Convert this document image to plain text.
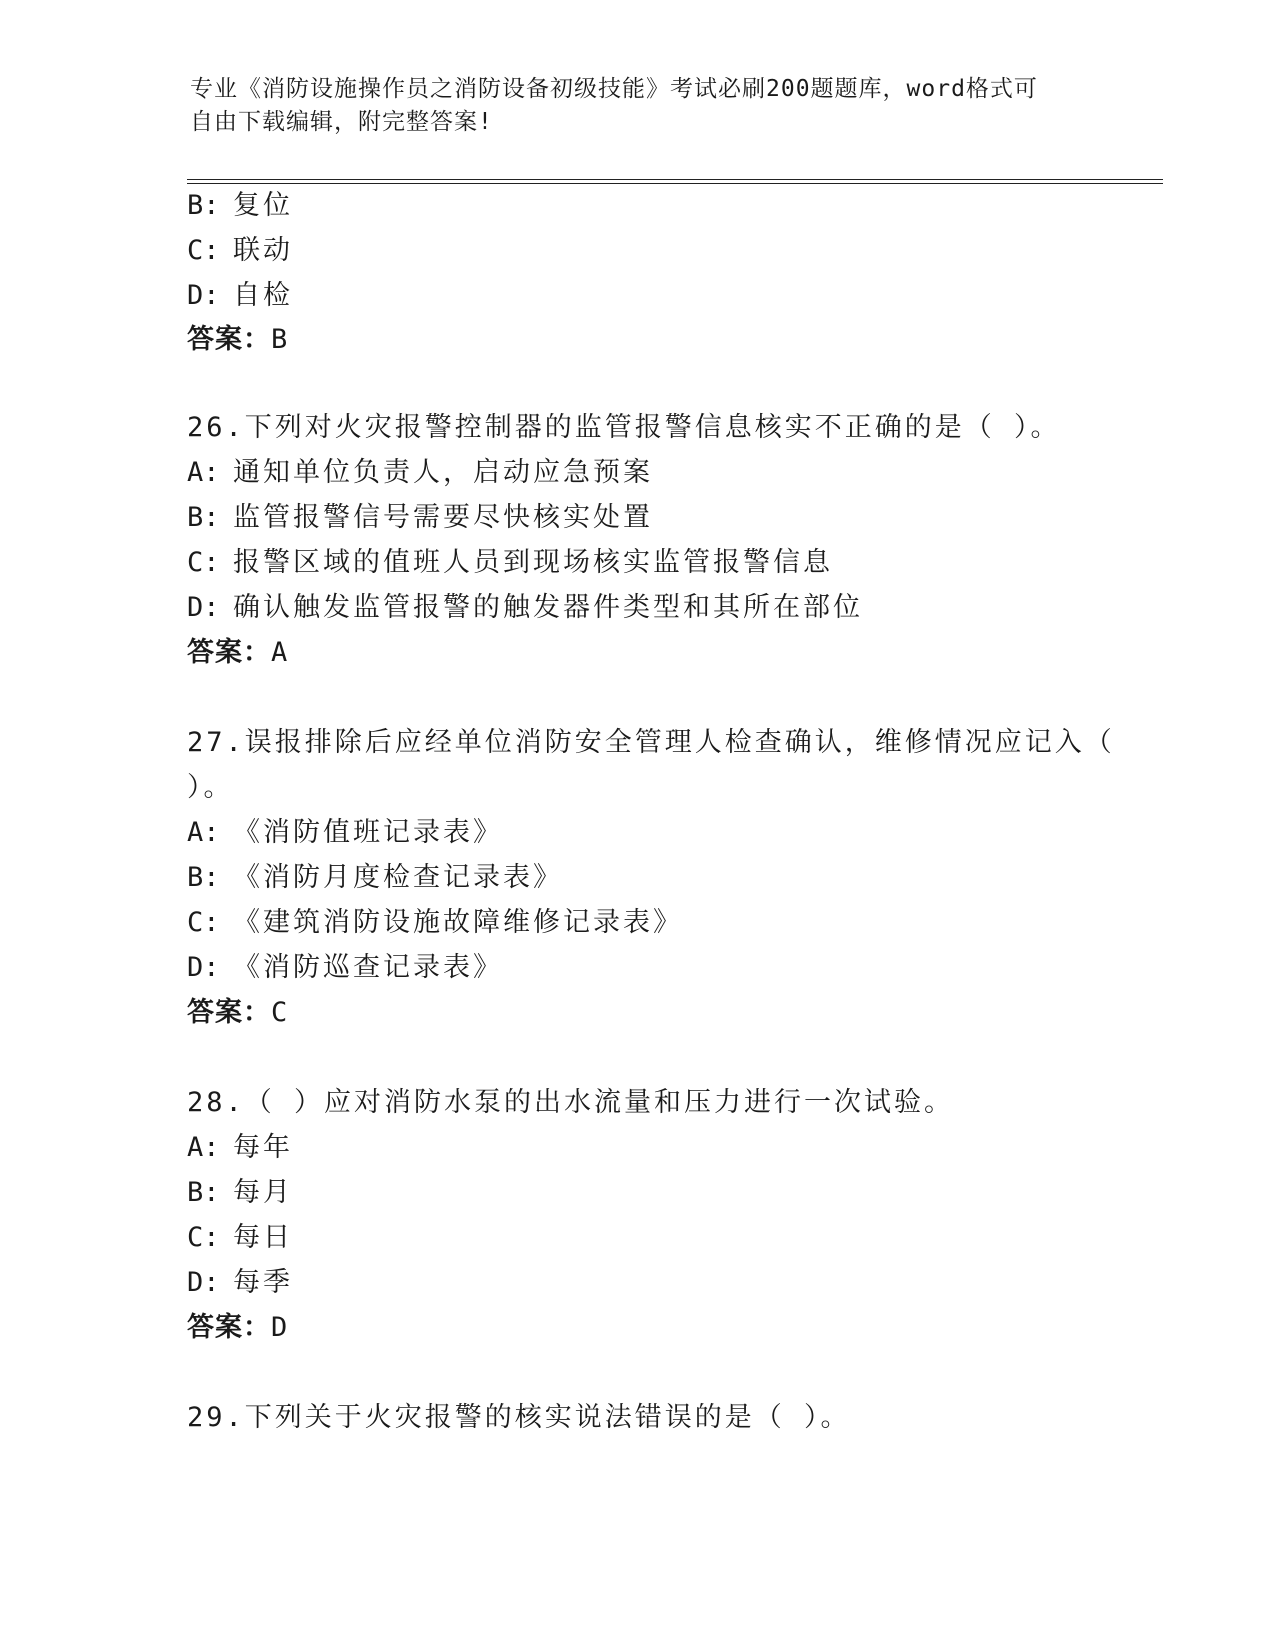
专业《消防设施操作员之消防设备初级技能》考试必刷200题题库，word格式可
自由下载编辑，附完整答案!
B: 复位
C: 联动
D: 自检
答案：B
26.下列对火灾报警控制器的监管报警信息核实不正确的是（ ）。
A: 通知单位负责人，启动应急预案
B: 监管报警信号需要尽快核实处置
C: 报警区域的值班人员到现场核实监管报警信息
D: 确认触发监管报警的触发器件类型和其所在部位
答案：A
27.误报排除后应经单位消防安全管理人检查确认，维修情况应记入（
）。
A: 《消防值班记录表》
B: 《消防月度检查记录表》
C: 《建筑消防设施故障维修记录表》
D: 《消防巡查记录表》
答案：C
28.（ ）应对消防水泵的出水流量和压力进行一次试验。
A: 每年
B: 每月
C: 每日
D: 每季
答案：D
29.下列关于火灾报警的核实说法错误的是（ ）。
